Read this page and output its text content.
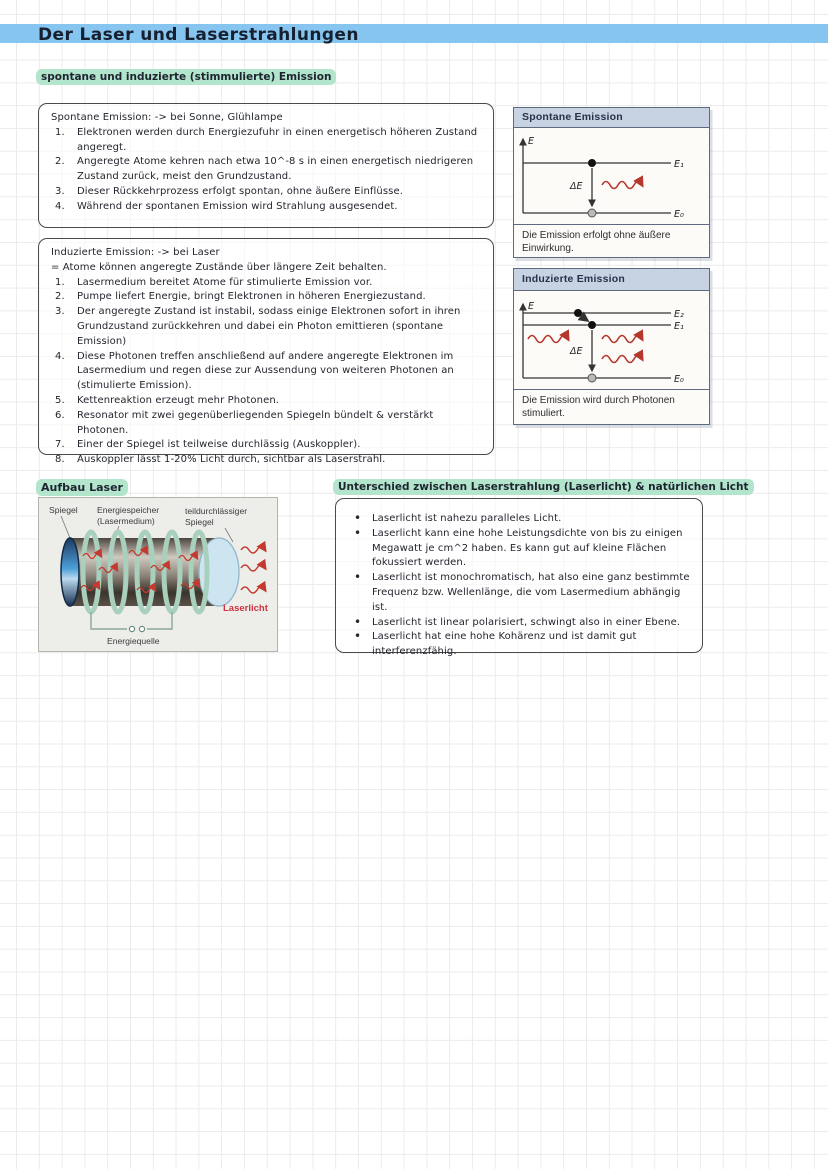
Der Laser und Laserstrahlungen
spontane und induzierte (stimmulierte) Emission
Spontane Emission: -> bei Sonne, Glühlampe
Elektronen werden durch Energiezufuhr in einen energetisch höheren Zustand angeregt.
Angeregte Atome kehren nach etwa 10^-8 s in einen energetisch niedrigeren Zustand zurück, meist den Grundzustand.
Dieser Rückkehrprozess erfolgt spontan, ohne äußere Einflüsse.
Während der spontanen Emission wird Strahlung ausgesendet.
Induzierte Emission: -> bei Laser
= Atome können angeregte Zustände über längere Zeit behalten.
Lasermedium bereitet Atome für stimulierte Emission vor.
Pumpe liefert Energie, bringt Elektronen in höheren Energiezustand.
Der angeregte Zustand ist instabil, sodass einige Elektronen sofort in ihren Grundzustand zurückkehren und dabei ein Photon emittieren (spontane Emission)
Diese Photonen treffen anschließend auf andere angeregte Elektronen im Lasermedium und regen diese zur Aussendung von weiteren Photonen an (stimulierte Emission).
Kettenreaktion erzeugt mehr Photonen.
Resonator mit zwei gegenüberliegenden Spiegeln bündelt & verstärkt Photonen.
Einer der Spiegel ist teilweise durchlässig (Auskoppler).
Auskoppler lässt 1-20% Licht durch, sichtbar als Laserstrahl.
Spontane Emission
E
E₁
ΔE
E₀
Die Emission erfolgt ohne äußere Einwirkung.
Induzierte Emission
E
E₂
E₁
ΔE
E₀
Die Emission wird durch Photonen stimuliert.
Aufbau Laser
Spiegel Energiespeicher
(Lasermedium)
teildurchlässiger
Spiegel
Laserlicht
Energiequelle
Unterschied zwischen Laserstrahlung (Laserlicht) & natürlichen Licht
• Laserlicht ist nahezu paralleles Licht.
• Laserlicht kann eine hohe Leistungsdichte von bis zu einigen Megawatt je cm^2 haben. Es kann gut auf kleine Flächen fokussiert werden.
• Laserlicht ist monochromatisch, hat also eine ganz bestimmte Frequenz bzw. Wellenlänge, die vom Lasermedium abhängig ist.
• Laserlicht ist linear polarisiert, schwingt also in einer Ebene.
• Laserlicht hat eine hohe Kohärenz und ist damit gut interferenzfähig.
